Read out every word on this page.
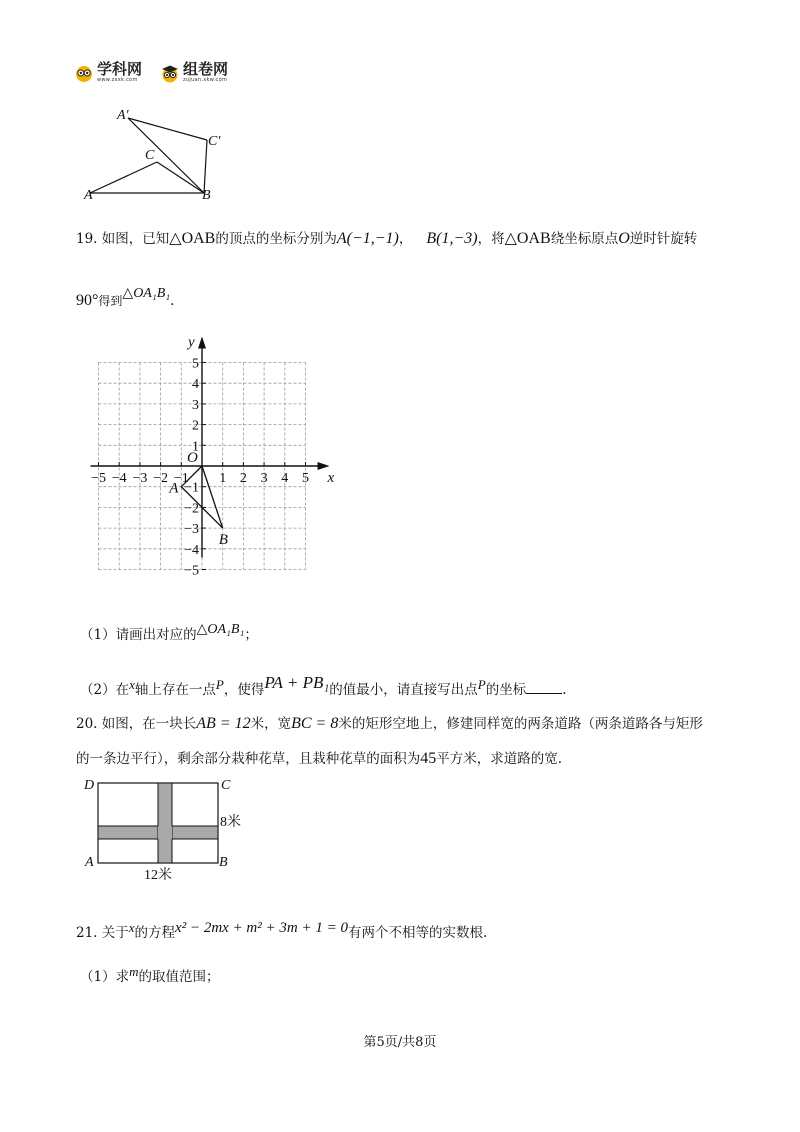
学科网
www.zxxk.com
组卷网
zujuan.xkw.com
A′
C′
C
A	B
19. 如图，已知△OAB的顶点的坐标分别为A(−1,−1)， B(1,−3)，将△OAB绕坐标原点O逆时针旋转
90°得到△OA₁B₁.
−5 −4 −3 −2 −1 1 2 3 4 5
5
4
3
2
1
−1
−2
−3
−4
−5
x
y
O
A
B
（1）请画出对应的△OA₁B₁；
（2）在x轴上存在一点P，使得PA + PB₁的值最小，请直接写出点P的坐标	.
20. 如图，在一块长AB = 12米，宽BC = 8米的矩形空地上，修建同样宽的两条道路（两条道路各与矩形
的一条边平行），剩余部分栽种花草，且栽种花草的面积为45平方米，求道路的宽.
D	C
A	B
8米
12米
21. 关于x的方程x² − 2mx + m² + 3m + 1 = 0有两个不相等的实数根.
（1）求m的取值范围；
第5页/共8页
